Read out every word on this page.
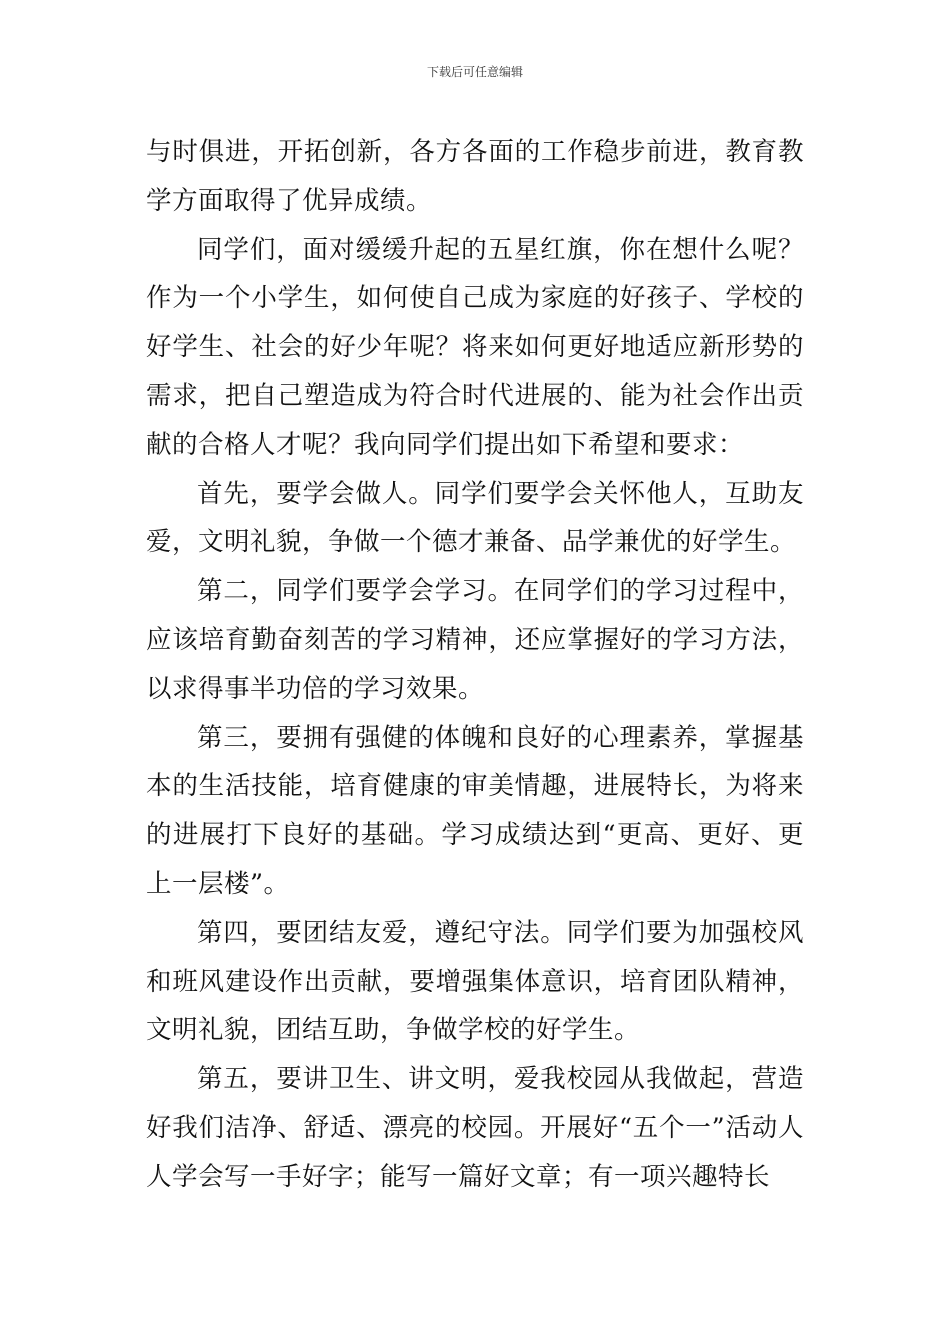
下载后可任意编辑

与时俱进，开拓创新，各方各面的工作稳步前进，教育教学方面取得了优异成绩。

同学们，面对缓缓升起的五星红旗，你在想什么呢？作为一个小学生，如何使自己成为家庭的好孩子、学校的好学生、社会的好少年呢？将来如何更好地适应新形势的需求，把自己塑造成为符合时代进展的、能为社会作出贡献的合格人才呢？我向同学们提出如下希望和要求：

首先，要学会做人。同学们要学会关怀他人，互助友爱，文明礼貌，争做一个德才兼备、品学兼优的好学生。

第二，同学们要学会学习。在同学们的学习过程中，应该培育勤奋刻苦的学习精神，还应掌握好的学习方法，以求得事半功倍的学习效果。

第三，要拥有强健的体魄和良好的心理素养，掌握基本的生活技能，培育健康的审美情趣，进展特长，为将来的进展打下良好的基础。学习成绩达到“更高、更好、更上一层楼”。

第四，要团结友爱，遵纪守法。同学们要为加强校风和班风建设作出贡献，要增强集体意识，培育团队精神，文明礼貌，团结互助，争做学校的好学生。

第五，要讲卫生、讲文明，爱我校园从我做起，营造好我们洁净、舒适、漂亮的校园。开展好“五个一”活动人人学会写一手好字；能写一篇好文章；有一项兴趣特长
